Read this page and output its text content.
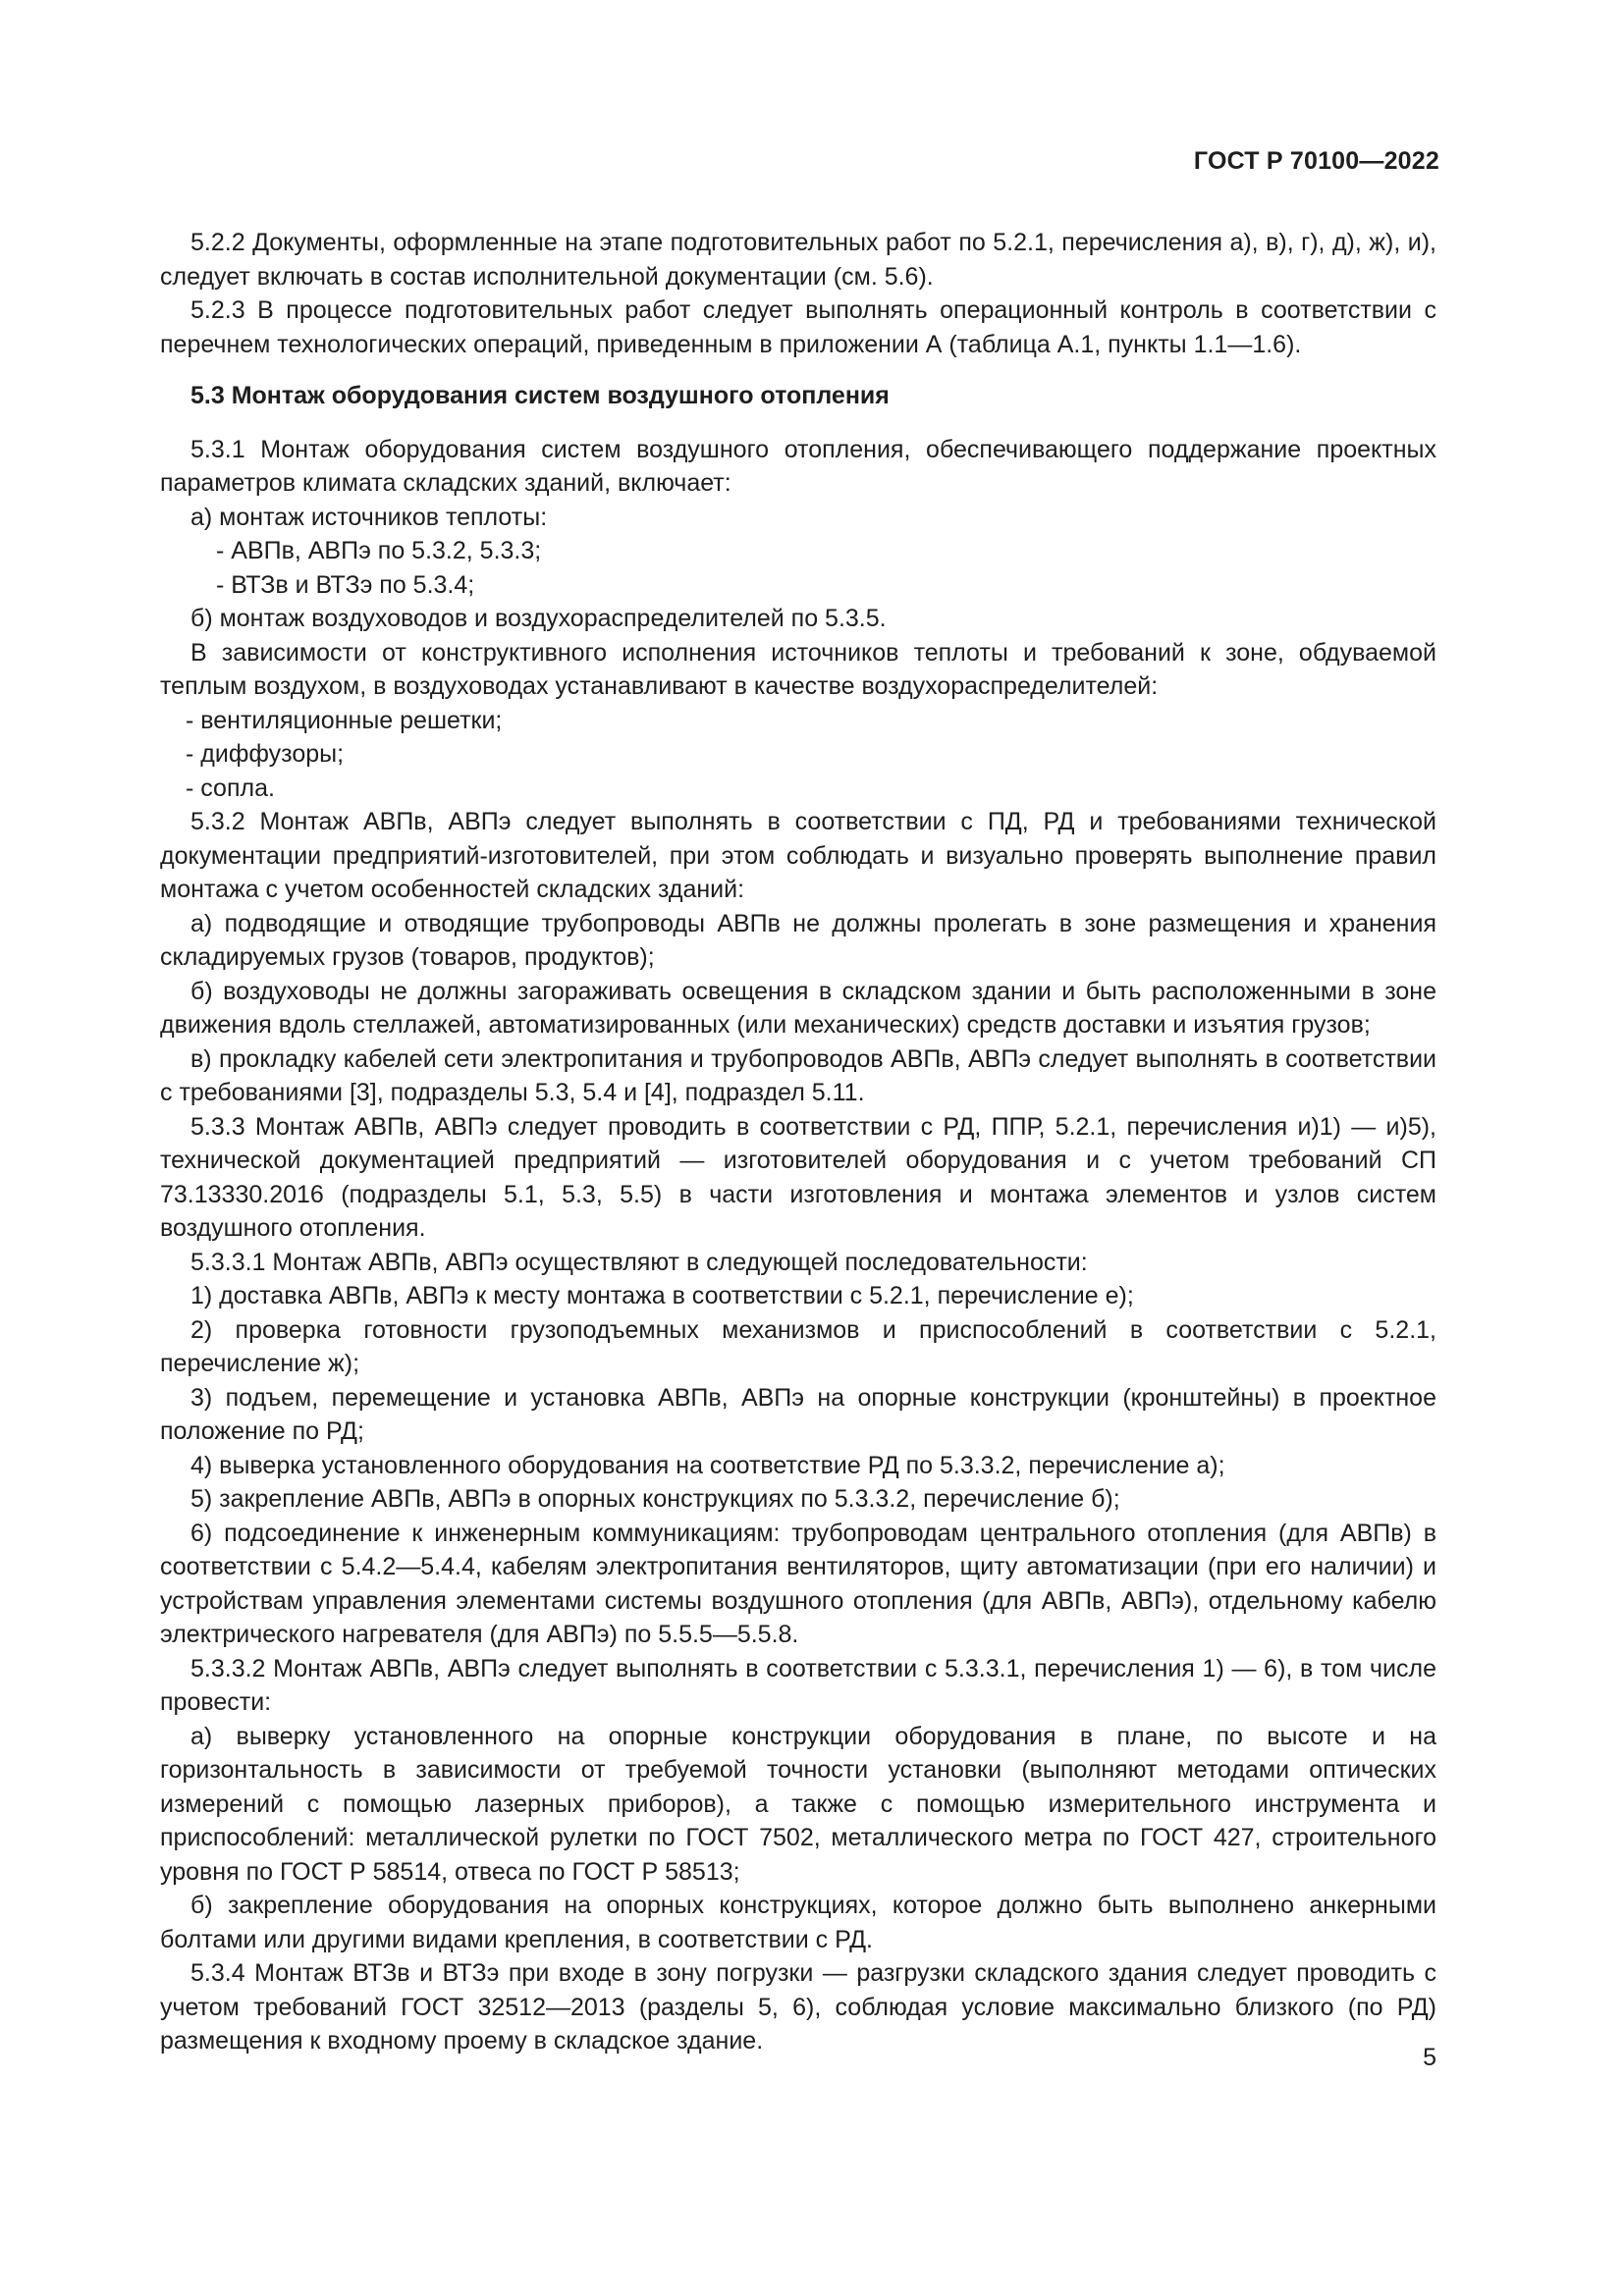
ГОСТ Р 70100—2022

5.2.2 Документы, оформленные на этапе подготовительных работ по 5.2.1, перечисления а), в), г), д), ж), и), следует включать в состав исполнительной документации (см. 5.6).

5.2.3 В процессе подготовительных работ следует выполнять операционный контроль в соответствии с перечнем технологических операций, приведенным в приложении А (таблица А.1, пункты 1.1—1.6).

5.3 Монтаж оборудования систем воздушного отопления

5.3.1 Монтаж оборудования систем воздушного отопления, обеспечивающего поддержание проектных параметров климата складских зданий, включает:

а) монтаж источников теплоты:

- АВПв, АВПэ по 5.3.2, 5.3.3;

- ВТЗв и ВТЗэ по 5.3.4;

б) монтаж воздуховодов и воздухораспределителей по 5.3.5.

В зависимости от конструктивного исполнения источников теплоты и требований к зоне, обдуваемой теплым воздухом, в воздуховодах устанавливают в качестве воздухораспределителей:

- вентиляционные решетки;

- диффузоры;

- сопла.

5.3.2 Монтаж АВПв, АВПэ следует выполнять в соответствии с ПД, РД и требованиями технической документации предприятий-изготовителей, при этом соблюдать и визуально проверять выполнение правил монтажа с учетом особенностей складских зданий:

а) подводящие и отводящие трубопроводы АВПв не должны пролегать в зоне размещения и хранения складируемых грузов (товаров, продуктов);

б) воздуховоды не должны загораживать освещения в складском здании и быть расположенными в зоне движения вдоль стеллажей, автоматизированных (или механических) средств доставки и изъятия грузов;

в) прокладку кабелей сети электропитания и трубопроводов АВПв, АВПэ следует выполнять в соответствии с требованиями [3], подразделы 5.3, 5.4 и [4], подраздел 5.11.

5.3.3 Монтаж АВПв, АВПэ следует проводить в соответствии с РД, ППР, 5.2.1, перечисления и)1) — и)5), технической документацией предприятий — изготовителей оборудования и с учетом требований СП 73.13330.2016 (подразделы 5.1, 5.3, 5.5) в части изготовления и монтажа элементов и узлов систем воздушного отопления.

5.3.3.1 Монтаж АВПв, АВПэ осуществляют в следующей последовательности:

1) доставка АВПв, АВПэ к месту монтажа в соответствии с 5.2.1, перечисление е);

2) проверка готовности грузоподъемных механизмов и приспособлений в соответствии с 5.2.1, перечисление ж);

3) подъем, перемещение и установка АВПв, АВПэ на опорные конструкции (кронштейны) в проектное положение по РД;

4) выверка установленного оборудования на соответствие РД по 5.3.3.2, перечисление а);

5) закрепление АВПв, АВПэ в опорных конструкциях по 5.3.3.2, перечисление б);

6) подсоединение к инженерным коммуникациям: трубопроводам центрального отопления (для АВПв) в соответствии с 5.4.2—5.4.4, кабелям электропитания вентиляторов, щиту автоматизации (при его наличии) и устройствам управления элементами системы воздушного отопления (для АВПв, АВПэ), отдельному кабелю электрического нагревателя (для АВПэ) по 5.5.5—5.5.8.

5.3.3.2 Монтаж АВПв, АВПэ следует выполнять в соответствии с 5.3.3.1, перечисления 1) — 6), в том числе провести:

а) выверку установленного на опорные конструкции оборудования в плане, по высоте и на горизонтальность в зависимости от требуемой точности установки (выполняют методами оптических измерений с помощью лазерных приборов), а также с помощью измерительного инструмента и приспособлений: металлической рулетки по ГОСТ 7502, металлического метра по ГОСТ 427, строительного уровня по ГОСТ Р 58514, отвеса по ГОСТ Р 58513;

б) закрепление оборудования на опорных конструкциях, которое должно быть выполнено анкерными болтами или другими видами крепления, в соответствии с РД.

5.3.4 Монтаж ВТЗв и ВТЗэ при входе в зону погрузки — разгрузки складского здания следует проводить с учетом требований ГОСТ 32512—2013 (разделы 5, 6), соблюдая условие максимально близкого (по РД) размещения к входному проему в складское здание.

5
